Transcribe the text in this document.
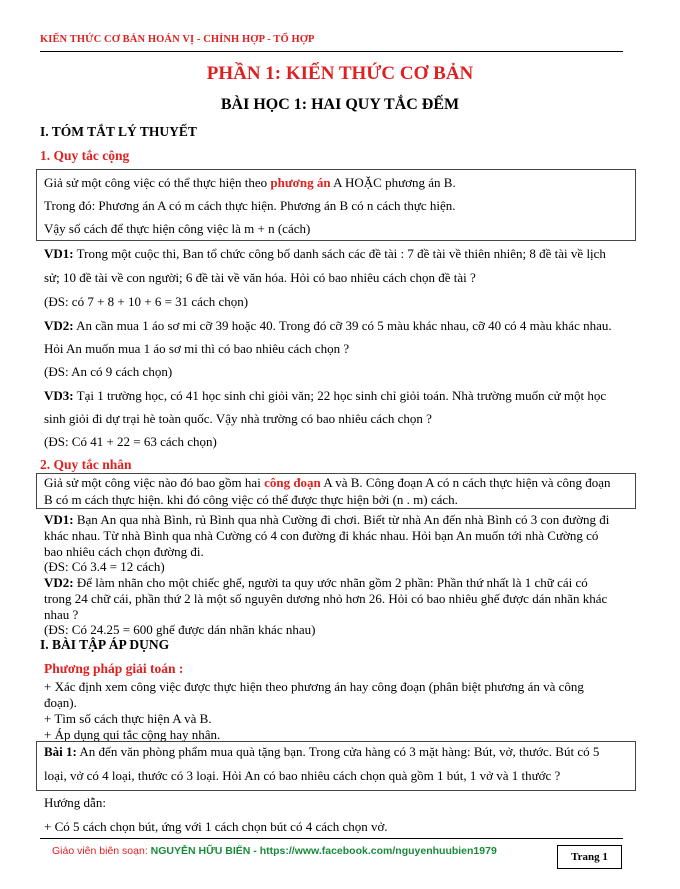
KIẾN THỨC CƠ BẢN HOÁN VỊ - CHỈNH HỢP - TỔ HỢP
PHẦN 1: KIẾN THỨC CƠ BẢN
BÀI HỌC 1: HAI QUY TẮC ĐẾM
I. TÓM TẮT LÝ THUYẾT
1. Quy tắc cộng
Giả sử một công việc có thể thực hiện theo phương án A HOẶC phương án B.
Trong đó: Phương án A có m cách thực hiện. Phương án B có n cách thực hiện.
Vậy số cách để thực hiện công việc là m + n (cách)
VD1: Trong một cuộc thi, Ban tổ chức công bố danh sách các đề tài : 7 đề tài về thiên nhiên; 8 đề tài về lịch
sử; 10 đề tài về con người; 6 đề tài về văn hóa. Hỏi có bao nhiêu cách chọn đề tài ?
(ĐS: có 7 + 8 + 10 + 6 = 31 cách chọn)
VD2: An cần mua 1 áo sơ mi cỡ 39 hoặc 40. Trong đó cỡ 39 có 5 màu khác nhau, cỡ 40 có 4 màu khác nhau.
Hỏi An muốn mua 1 áo sơ mi thì có bao nhiêu cách chọn ?
(ĐS: An có 9 cách chọn)
VD3: Tại 1 trường học, có 41 học sinh chỉ giỏi văn; 22 học sinh chỉ giỏi toán. Nhà trường muốn cử một học
sinh giỏi đi dự trại hè toàn quốc. Vậy nhà trường có bao nhiêu cách chọn ?
(ĐS: Có 41 + 22 = 63 cách chọn)
2. Quy tắc nhân
Giả sử một công việc nào đó bao gồm hai công đoạn A và B. Công đoạn A có n cách thực hiện và công đoạn
B có m cách thực hiện. khi đó công việc có thể được thực hiện bởi (n . m) cách.
VD1: Bạn An qua nhà Bình, rủ Bình qua nhà Cường đi chơi. Biết từ nhà An đến nhà Bình có 3 con đường đi
khác nhau. Từ nhà Bình qua nhà Cường có 4 con đường đi khác nhau. Hỏi bạn An muốn tới nhà Cường có
bao nhiêu cách chọn đường đi.
(ĐS: Có 3.4 = 12 cách)
VD2: Để làm nhãn cho một chiếc ghế, người ta quy ước nhãn gồm 2 phần: Phần thứ nhất là 1 chữ cái có
trong 24 chữ cái, phần thứ 2 là một số nguyên dương nhỏ hơn 26. Hỏi có bao nhiêu ghế được dán nhãn khác
nhau ?
(ĐS: Có 24.25 = 600 ghế được dán nhãn khác nhau)
I. BÀI TẬP ÁP DỤNG
Phương pháp giải toán :
+ Xác định xem công việc được thực hiện theo phương án hay công đoạn (phân biệt phương án và công
đoạn).
+ Tìm số cách thực hiện A và B.
+ Áp dụng qui tắc cộng hay nhân.
Bài 1: An đến văn phòng phẩm mua quà tặng bạn. Trong cửa hàng có 3 mặt hàng: Bút, vở, thước. Bút có 5
loại, vở có 4 loại, thước có 3 loại. Hỏi An có bao nhiêu cách chọn quà gồm 1 bút, 1 vở và 1 thước ?
Hướng dẫn:
+ Có 5 cách chọn bút, ứng với 1 cách chọn bút có 4 cách chọn vở.
Giáo viên biên soạn: NGUYỄN HỮU BIỂN - https://www.facebook.com/nguyenhuubien1979	Trang 1
